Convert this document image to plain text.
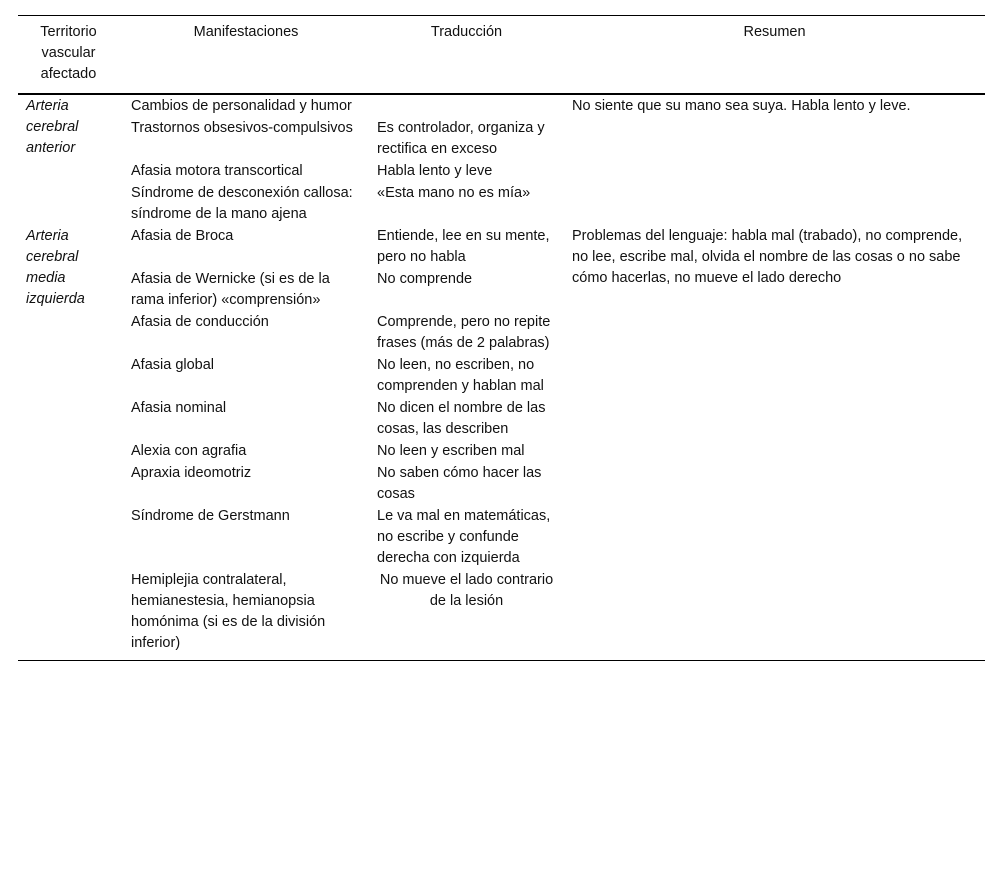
Territorio vascular afectado	Manifestaciones	Traducción	Resumen
Arteria cerebral anterior	Cambios de personalidad y humor		No siente que su mano sea suya. Habla lento y leve.
	Trastornos obsesivos-compulsivos	Es controlador, organiza y rectifica en exceso	
	Afasia motora transcortical	Habla lento y leve	
	Síndrome de desconexión callosa: síndrome de la mano ajena	«Esta mano no es mía»	
Arteria cerebral media izquierda	Afasia de Broca	Entiende, lee en su mente, pero no habla	Problemas del lenguaje: habla mal (trabado), no comprende, no lee, escribe mal, olvida el nombre de las cosas o no sabe cómo hacerlas, no mueve el lado derecho
	Afasia de Wernicke (si es de la rama inferior) «comprensión»	No comprende	
	Afasia de conducción	Comprende, pero no repite frases (más de 2 palabras)	
	Afasia global	No leen, no escriben, no comprenden y hablan mal	
	Afasia nominal	No dicen el nombre de las cosas, las describen	
	Alexia con agrafia	No leen y escriben mal	
	Apraxia ideomotriz	No saben cómo hacer las cosas	
	Síndrome de Gerstmann	Le va mal en matemáticas, no escribe y confunde derecha con izquierda	
	Hemiplejia contralateral, hemianestesia, hemianopsia homónima (si es de la división inferior)	No mueve el lado contrario de la lesión	
